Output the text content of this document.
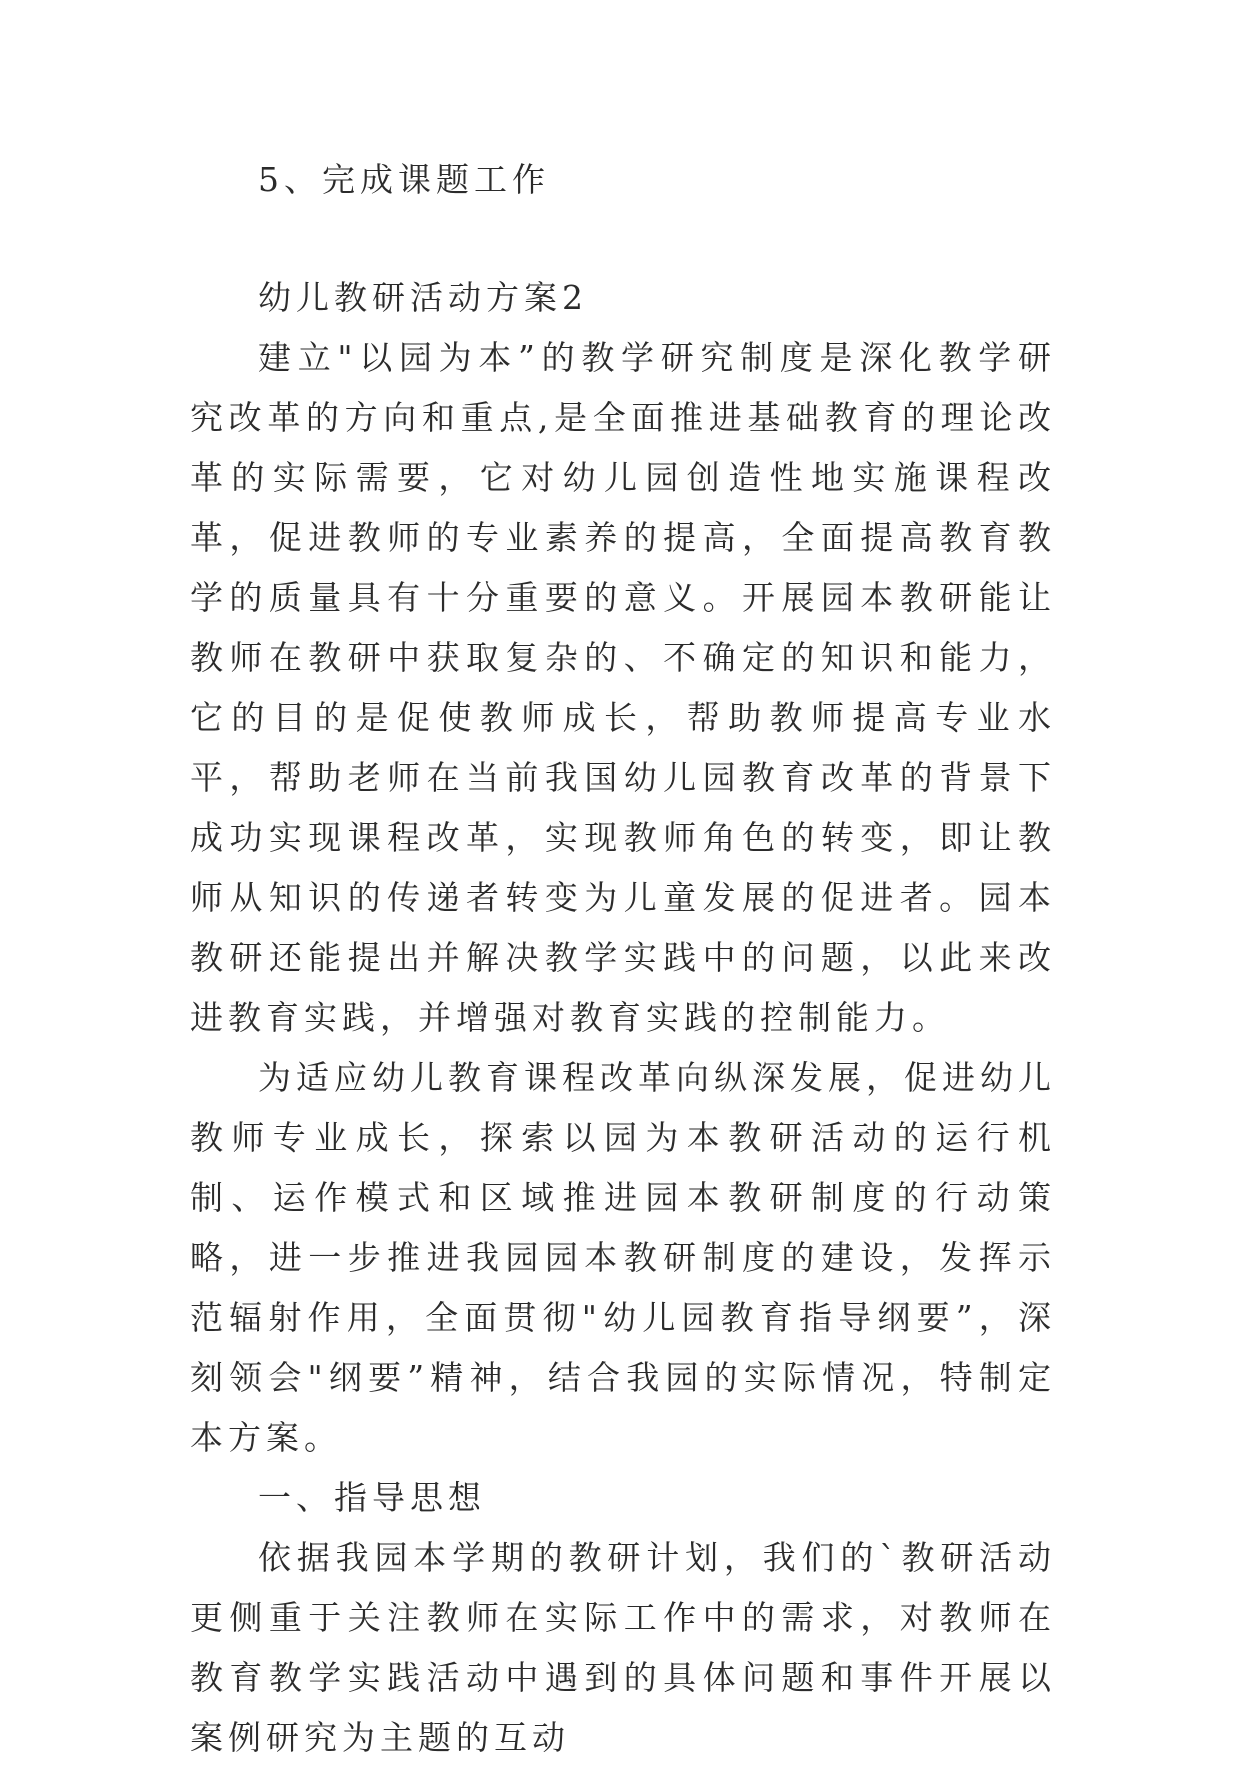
5、完成课题工作

幼儿教研活动方案2

建立"以园为本”的教学研究制度是深化教学研究改革的方向和重点,是全面推进基础教育的理论改革的实际需要，它对幼儿园创造性地实施课程改革，促进教师的专业素养的提高，全面提高教育教学的质量具有十分重要的意义。开展园本教研能让教师在教研中获取复杂的、不确定的知识和能力，它的目的是促使教师成长，帮助教师提高专业水平，帮助老师在当前我国幼儿园教育改革的背景下成功实现课程改革，实现教师角色的转变，即让教师从知识的传递者转变为儿童发展的促进者。园本教研还能提出并解决教学实践中的问题，以此来改进教育实践，并增强对教育实践的控制能力。

为适应幼儿教育课程改革向纵深发展，促进幼儿教师专业成长，探索以园为本教研活动的运行机制、运作模式和区域推进园本教研制度的行动策略，进一步推进我园园本教研制度的建设，发挥示范辐射作用，全面贯彻"幼儿园教育指导纲要”，深刻领会"纲要”精神，结合我园的实际情况，特制定本方案。

一、指导思想

依据我园本学期的教研计划，我们的`教研活动更侧重于关注教师在实际工作中的需求，对教师在教育教学实践活动中遇到的具体问题和事件开展以案例研究为主题的互动
